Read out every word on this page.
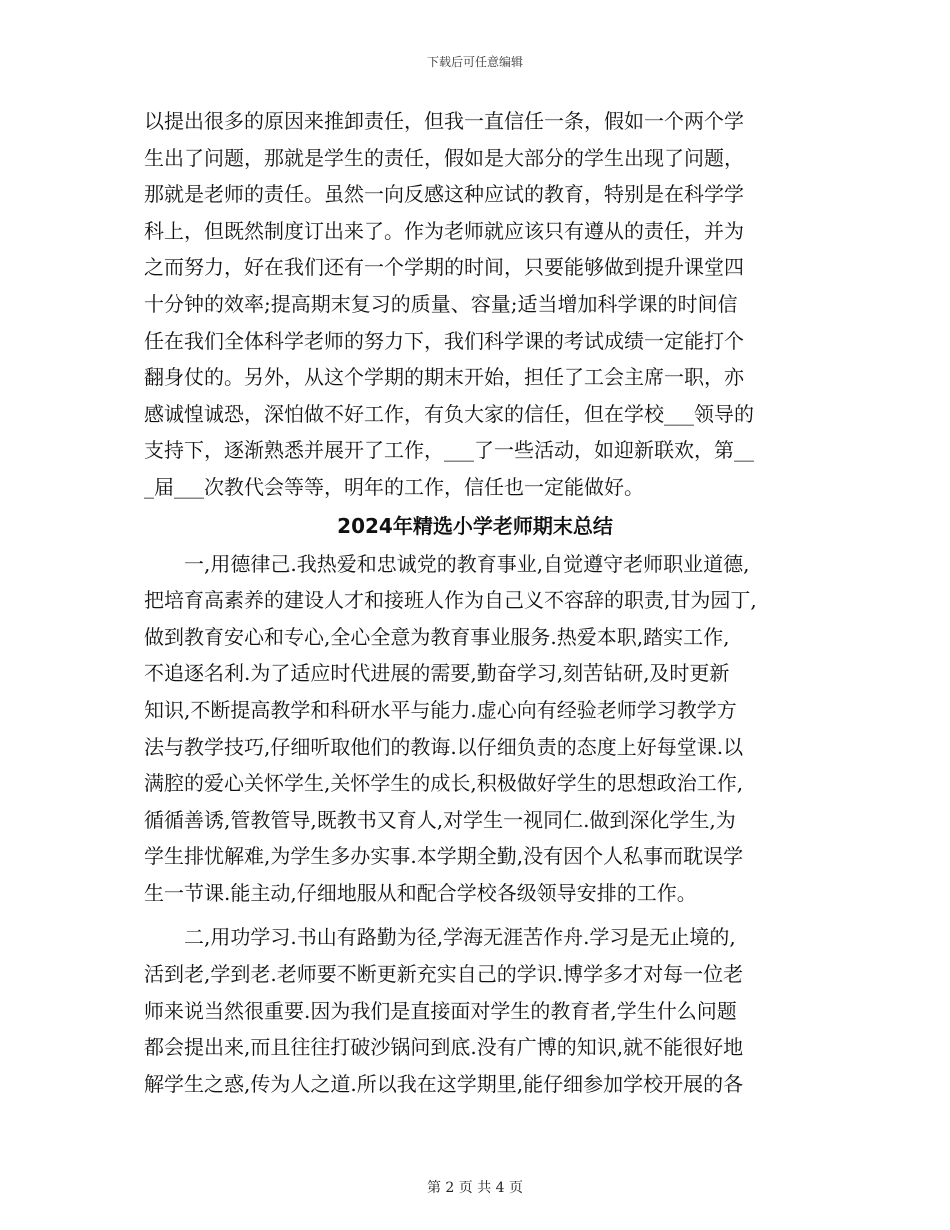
下载后可任意编辑
以提出很多的原因来推卸责任，但我一直信任一条，假如一个两个学
生出了问题，那就是学生的责任，假如是大部分的学生出现了问题，
那就是老师的责任。虽然一向反感这种应试的教育，特别是在科学学
科上，但既然制度订出来了。作为老师就应该只有遵从的责任，并为
之而努力，好在我们还有一个学期的时间，只要能够做到提升课堂四
十分钟的效率;提高期末复习的质量、容量;适当增加科学课的时间信
任在我们全体科学老师的努力下，我们科学课的考试成绩一定能打个
翻身仗的。另外，从这个学期的期末开始，担任了工会主席一职，亦
感诚惶诚恐，深怕做不好工作，有负大家的信任，但在学校___领导的
支持下，逐渐熟悉并展开了工作，___了一些活动，如迎新联欢，第__
_届___次教代会等等，明年的工作，信任也一定能做好。
2024年精选小学老师期末总结
　　一,用德律己.我热爱和忠诚党的教育事业,自觉遵守老师职业道德,
把培育高素养的建设人才和接班人作为自己义不容辞的职责,甘为园丁,
做到教育安心和专心,全心全意为教育事业服务.热爱本职,踏实工作,
不追逐名利.为了适应时代进展的需要,勤奋学习,刻苦钻研,及时更新
知识,不断提高教学和科研水平与能力.虚心向有经验老师学习教学方
法与教学技巧,仔细听取他们的教诲.以仔细负责的态度上好每堂课.以
满腔的爱心关怀学生,关怀学生的成长,积极做好学生的思想政治工作,
循循善诱,管教管导,既教书又育人,对学生一视同仁.做到深化学生,为
学生排忧解难,为学生多办实事.本学期全勤,没有因个人私事而耽误学
生一节课.能主动,仔细地服从和配合学校各级领导安排的工作。
　　二,用功学习.书山有路勤为径,学海无涯苦作舟.学习是无止境的,
活到老,学到老.老师要不断更新充实自己的学识.博学多才对每一位老
师来说当然很重要.因为我们是直接面对学生的教育者,学生什么问题
都会提出来,而且往往打破沙锅问到底.没有广博的知识,就不能很好地
解学生之惑,传为人之道.所以我在这学期里,能仔细参加学校开展的各
第 2 页 共 4 页
